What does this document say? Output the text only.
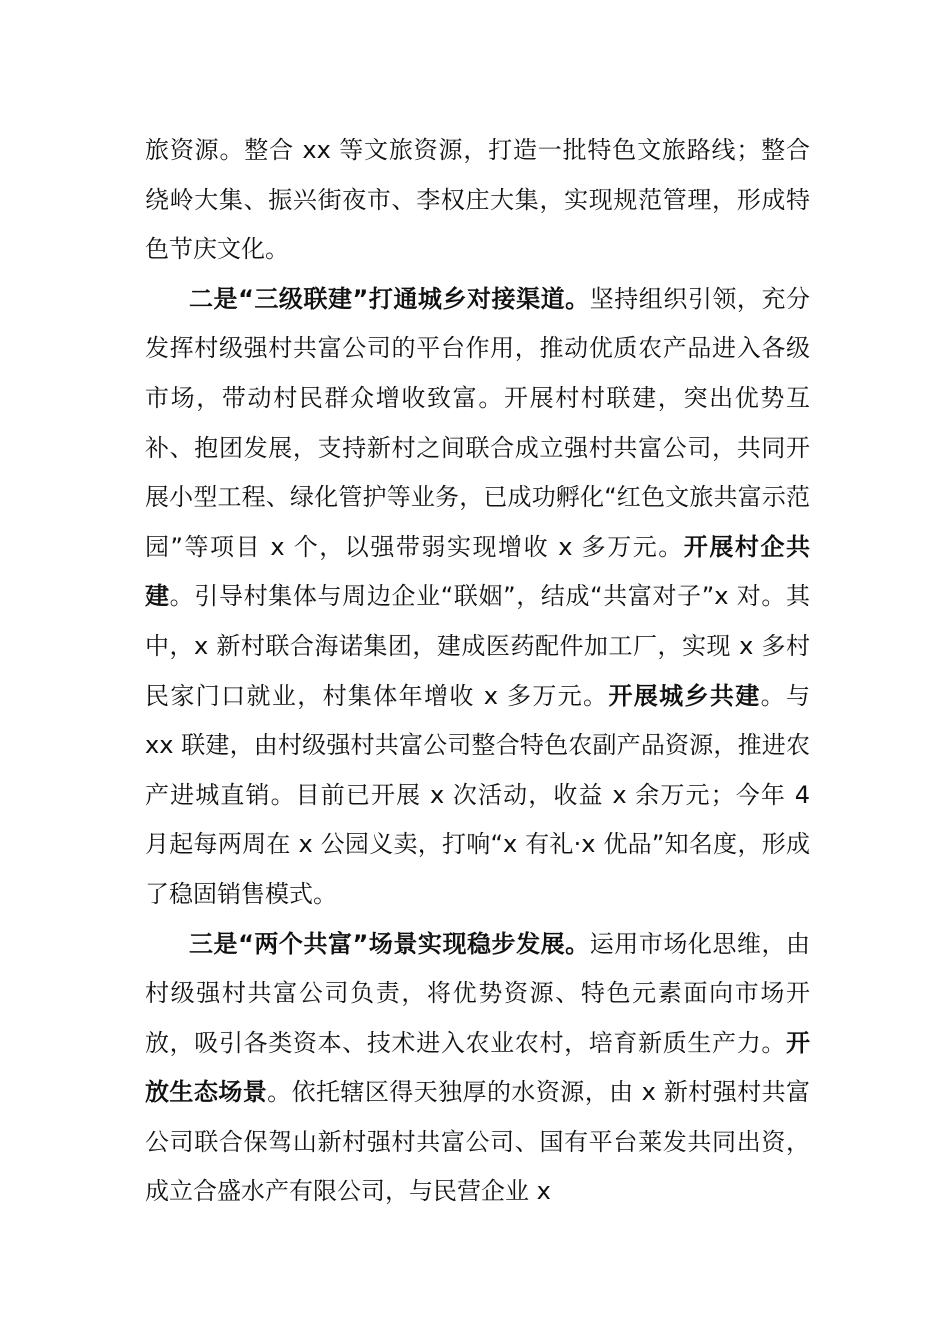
旅资源。整合 xx 等文旅资源，打造一批特色文旅路线；整合绕岭大集、振兴街夜市、李权庄大集，实现规范管理，形成特色节庆文化。

二是“三级联建”打通城乡对接渠道。坚持组织引领，充分发挥村级强村共富公司的平台作用，推动优质农产品进入各级市场，带动村民群众增收致富。开展村村联建，突出优势互补、抱团发展，支持新村之间联合成立强村共富公司，共同开展小型工程、绿化管护等业务，已成功孵化“红色文旅共富示范园”等项目 x 个，以强带弱实现增收 x 多万元。开展村企共建。引导村集体与周边企业“联姻”，结成“共富对子”x 对。其中，x 新村联合海诺集团，建成医药配件加工厂，实现 x 多村民家门口就业，村集体年增收 x 多万元。开展城乡共建。与 xx 联建，由村级强村共富公司整合特色农副产品资源，推进农产进城直销。目前已开展 x 次活动，收益 x 余万元；今年 4 月起每两周在 x 公园义卖，打响“x 有礼·x 优品”知名度，形成了稳固销售模式。

三是“两个共富”场景实现稳步发展。运用市场化思维，由村级强村共富公司负责，将优势资源、特色元素面向市场开放，吸引各类资本、技术进入农业农村，培育新质生产力。开放生态场景。依托辖区得天独厚的水资源，由 x 新村强村共富公司联合保驾山新村强村共富公司、国有平台莱发共同出资，成立合盛水产有限公司，与民营企业 x
